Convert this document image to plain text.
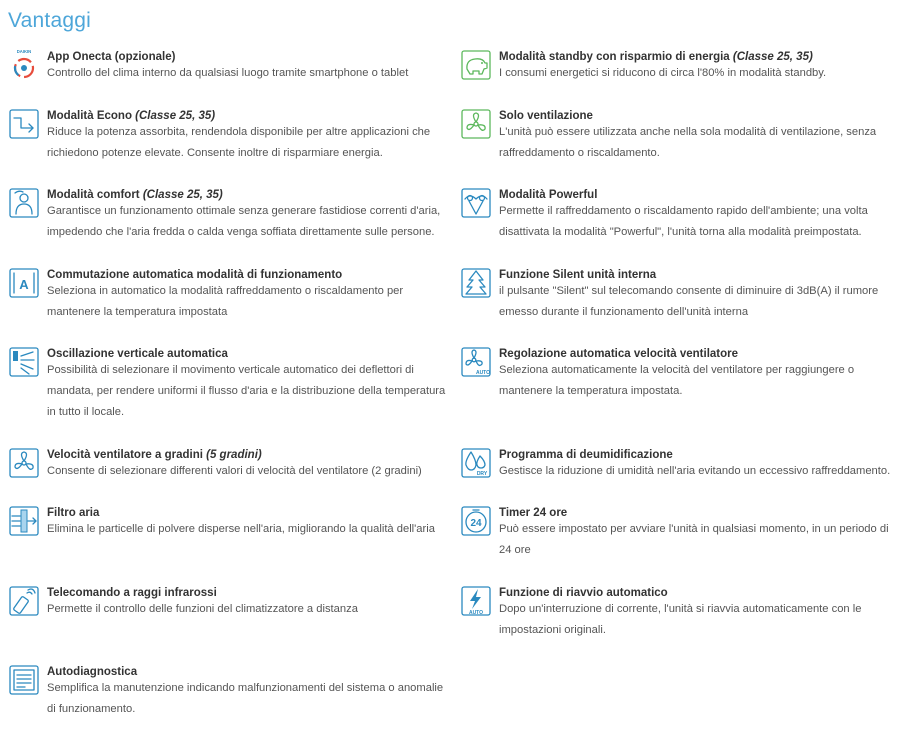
Vantaggi
DAIKIN App Onecta (opzionale)
Controllo del clima interno da qualsiasi luogo tramite smartphone o tablet
Modalità Econo (Classe 25, 35)
Riduce la potenza assorbita, rendendola disponibile per altre applicazioni che richiedono potenze elevate. Consente inoltre di risparmiare energia.
Modalità comfort (Classe 25, 35)
Garantisce un funzionamento ottimale senza generare fastidiose correnti d'aria, impedendo che l'aria fredda o calda venga soffiata direttamente sulle persone.
A
Commutazione automatica modalità di funzionamento
Seleziona in automatico la modalità raffreddamento o riscaldamento per mantenere la temperatura impostata
Oscillazione verticale automatica
Possibilità di selezionare il movimento verticale automatico dei deflettori di mandata, per rendere uniformi il flusso d'aria e la distribuzione della temperatura in tutto il locale.
Velocità ventilatore a gradini (5 gradini)
Consente di selezionare differenti valori di velocità del ventilatore (2 gradini)
Filtro aria
Elimina le particelle di polvere disperse nell'aria, migliorando la qualità dell'aria
Telecomando a raggi infrarossi
Permette il controllo delle funzioni del climatizzatore a distanza
Autodiagnostica
Semplifica la manutenzione indicando malfunzionamenti del sistema o anomalie di funzionamento.
Modalità standby con risparmio di energia (Classe 25, 35)
I consumi energetici si riducono di circa l'80% in modalità standby.
Solo ventilazione
L'unità può essere utilizzata anche nella sola modalità di ventilazione, senza raffreddamento o riscaldamento.
Modalità Powerful
Permette il raffreddamento o riscaldamento rapido dell'ambiente; una volta disattivata la modalità "Powerful", l'unità torna alla modalità preimpostata.
Funzione Silent unità interna
il pulsante "Silent" sul telecomando consente di diminuire di 3dB(A) il rumore emesso durante il funzionamento dell'unità interna
AUTO
Regolazione automatica velocità ventilatore
Seleziona automaticamente la velocità del ventilatore per raggiungere o mantenere la temperatura impostata.
DRY
Programma di deumidificazione
Gestisce la riduzione di umidità nell'aria evitando un eccessivo raffreddamento.
24
Timer 24 ore
Può essere impostato per avviare l'unità in qualsiasi momento, in un periodo di 24 ore
AUTO
Funzione di riavvio automatico
Dopo un'interruzione di corrente, l'unità si riavvia automaticamente con le impostazioni originali.
